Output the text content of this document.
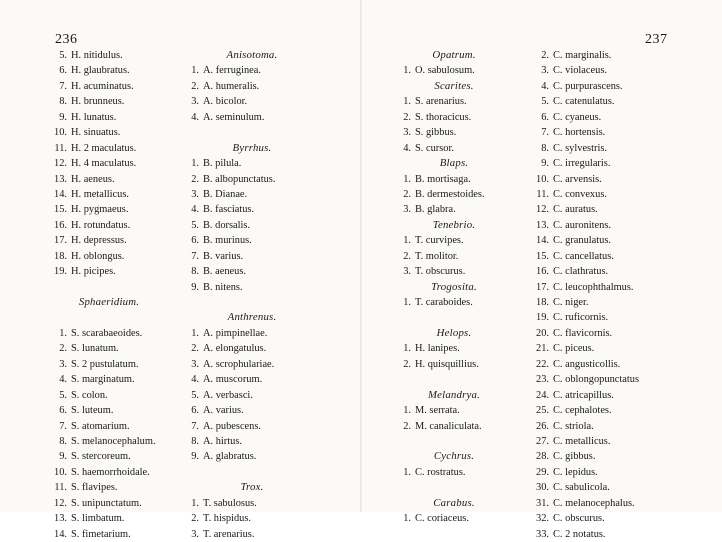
236	237
5. H. nitidulus.
6. H. glaubratus.
7. H. acuminatus.
8. H. brunneus.
9. H. lunatus.
10. H. sinuatus.
11. H. 2 maculatus.
12. H. 4 maculatus.
13. H. aeneus.
14. H. metallicus.
15. H. pygmaeus.
16. H. rotundatus.
17. H. depressus.
18. H. oblongus.
19. H. picipes.
Sphaeridium.
1. S. scarabaeoides.
2. S. lunatum.
3. S. 2 pustulatum.
4. S. marginatum.
5. S. colon.
6. S. luteum.
7. S. atomarium.
8. S. melanocephalum.
9. S. stercoreum.
10. S. haemorrhoidale.
11. S. flavipes.
12. S. unipunctatum.
13. S. limbatum.
14. S. fimetarium.
Anisotoma.
1. A. ferruginea.
2. A. humeralis.
3. A. bicolor.
4. A. seminulum.
Byrrhus.
1. B. pilula.
2. B. albopunctatus.
3. B. Dianae.
4. B. fasciatus.
5. B. dorsalis.
6. B. murinus.
7. B. varius.
8. B. aeneus.
9. B. nitens.
Anthrenus.
1. A. pimpinellae.
2. A. elongatulus.
3. A. scrophulariae.
4. A. muscorum.
5. A. verbasci.
6. A. varius.
7. A. pubescens.
8. A. hirtus.
9. A. glabratus.
Trox.
1. T. sabulosus.
2. T. hispidus.
3. T. arenarius.
Opatrum.
1. O. sabulosum.
Scarites.
1. S. arenarius.
2. S. thoracicus.
3. S. gibbus.
4. S. cursor.
Blaps.
1. B. mortisaga.
2. B. dermestoides.
3. B. glabra.
Tenebrio.
1. T. curvipes.
2. T. molitor.
3. T. obscurus.
Trogosita.
1. T. caraboides.
Helops.
1. H. lanipes.
2. H. quisquillius.
Melandrya.
1. M. serrata.
2. M. canaliculata.
Cychrus.
1. C. rostratus.
Carabus.
1. C. coriaceus.
2. C. marginalis.
3. C. violaceus.
4. C. purpurascens.
5. C. catenulatus.
6. C. cyaneus.
7. C. hortensis.
8. C. sylvestris.
9. C. irregularis.
10. C. arvensis.
11. C. convexus.
12. C. auratus.
13. C. auronitens.
14. C. granulatus.
15. C. cancellatus.
16. C. clathratus.
17. C. leucophthalmus.
18. C. niger.
19. C. ruficornis.
20. C. flavicornis.
21. C. piceus.
22. C. angusticollis.
23. C. oblongopunctatus
24. C. atricapillus.
25. C. cephalotes.
26. C. striola.
27. C. metallicus.
28. C. gibbus.
29. C. lepidus.
30. C. sabulicola.
31. C. melanocephalus.
32. C. obscurus.
33. C. 2 notatus.
